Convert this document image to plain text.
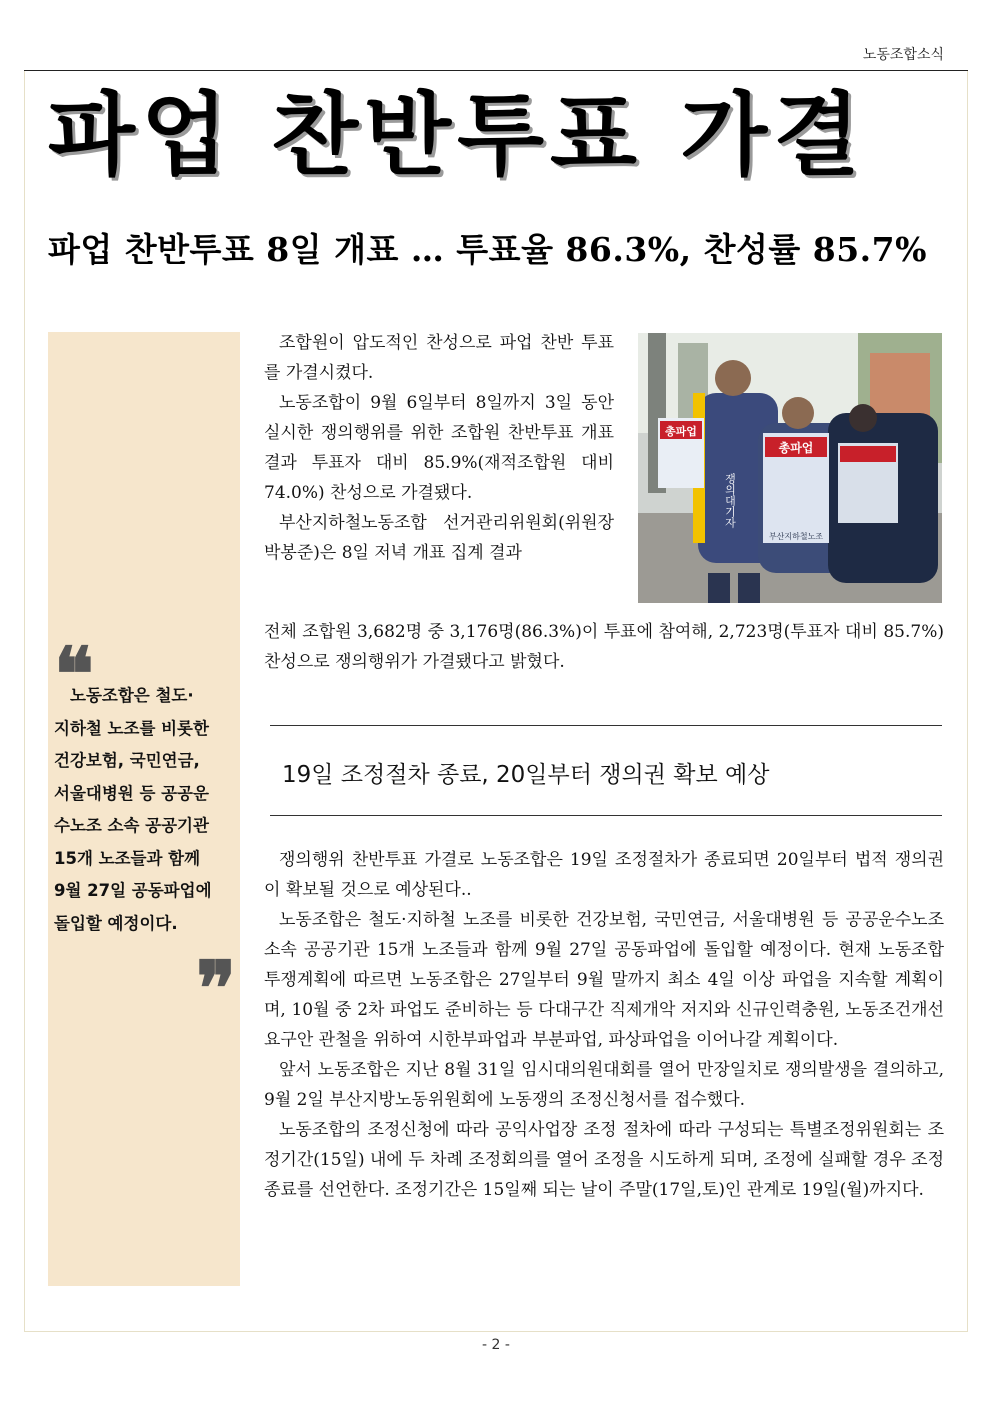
노동조합소식
파업 찬반투표 가결
파업 찬반투표 8일 개표 … 투표율 86.3%, 찬성률 85.7%
❝
노동조합은 철도·
지하철 노조를 비롯한
건강보험, 국민연금,
서울대병원 등 공공운
수노조 소속 공공기관
15개 노조들과 함께
9월 27일 공동파업에
돌입할 예정이다.
❞

조합원이 압도적인 찬성으로 파업 찬반 투표를 가결시켰다.

노동조합이 9월 6일부터 8일까지 3일 동안 실시한 쟁의행위를 위한 조합원 찬반투표 개표 결과 투표자 대비 85.9%(재적조합원 대비 74.0%) 찬성으로 가결됐다.

부산지하철노동조합 선거관리위원회(위원장 박봉준)은 8일 저녁 개표 집계 결과

총파업
총파업
부산지하철노조
쟁의대기자

전체 조합원 3,682명 중 3,176명(86.3%)이 투표에 참여해, 2,723명(투표자 대비 85.7%) 찬성으로 쟁의행위가 가결됐다고 밝혔다.

19일 조정절차 종료, 20일부터 쟁의권 확보 예상

쟁의행위 찬반투표 가결로 노동조합은 19일 조정절차가 종료되면 20일부터 법적 쟁의권이 확보될 것으로 예상된다..

노동조합은 철도·지하철 노조를 비롯한 건강보험, 국민연금, 서울대병원 등 공공운수노조 소속 공공기관 15개 노조들과 함께 9월 27일 공동파업에 돌입할 예정이다. 현재 노동조합 투쟁계획에 따르면 노동조합은 27일부터 9월 말까지 최소 4일 이상 파업을 지속할 계획이며, 10월 중 2차 파업도 준비하는 등 다대구간 직제개악 저지와 신규인력충원, 노동조건개선 요구안 관철을 위하여 시한부파업과 부분파업, 파상파업을 이어나갈 계획이다.

앞서 노동조합은 지난 8월 31일 임시대의원대회를 열어 만장일치로 쟁의발생을 결의하고, 9월 2일 부산지방노동위원회에 노동쟁의 조정신청서를 접수했다.

노동조합의 조정신청에 따라 공익사업장 조정 절차에 따라 구성되는 특별조정위원회는 조정기간(15일) 내에 두 차례 조정회의를 열어 조정을 시도하게 되며, 조정에 실패할 경우 조정종료를 선언한다. 조정기간은 15일째 되는 날이 주말(17일,토)인 관계로 19일(월)까지다.

- 2 -
